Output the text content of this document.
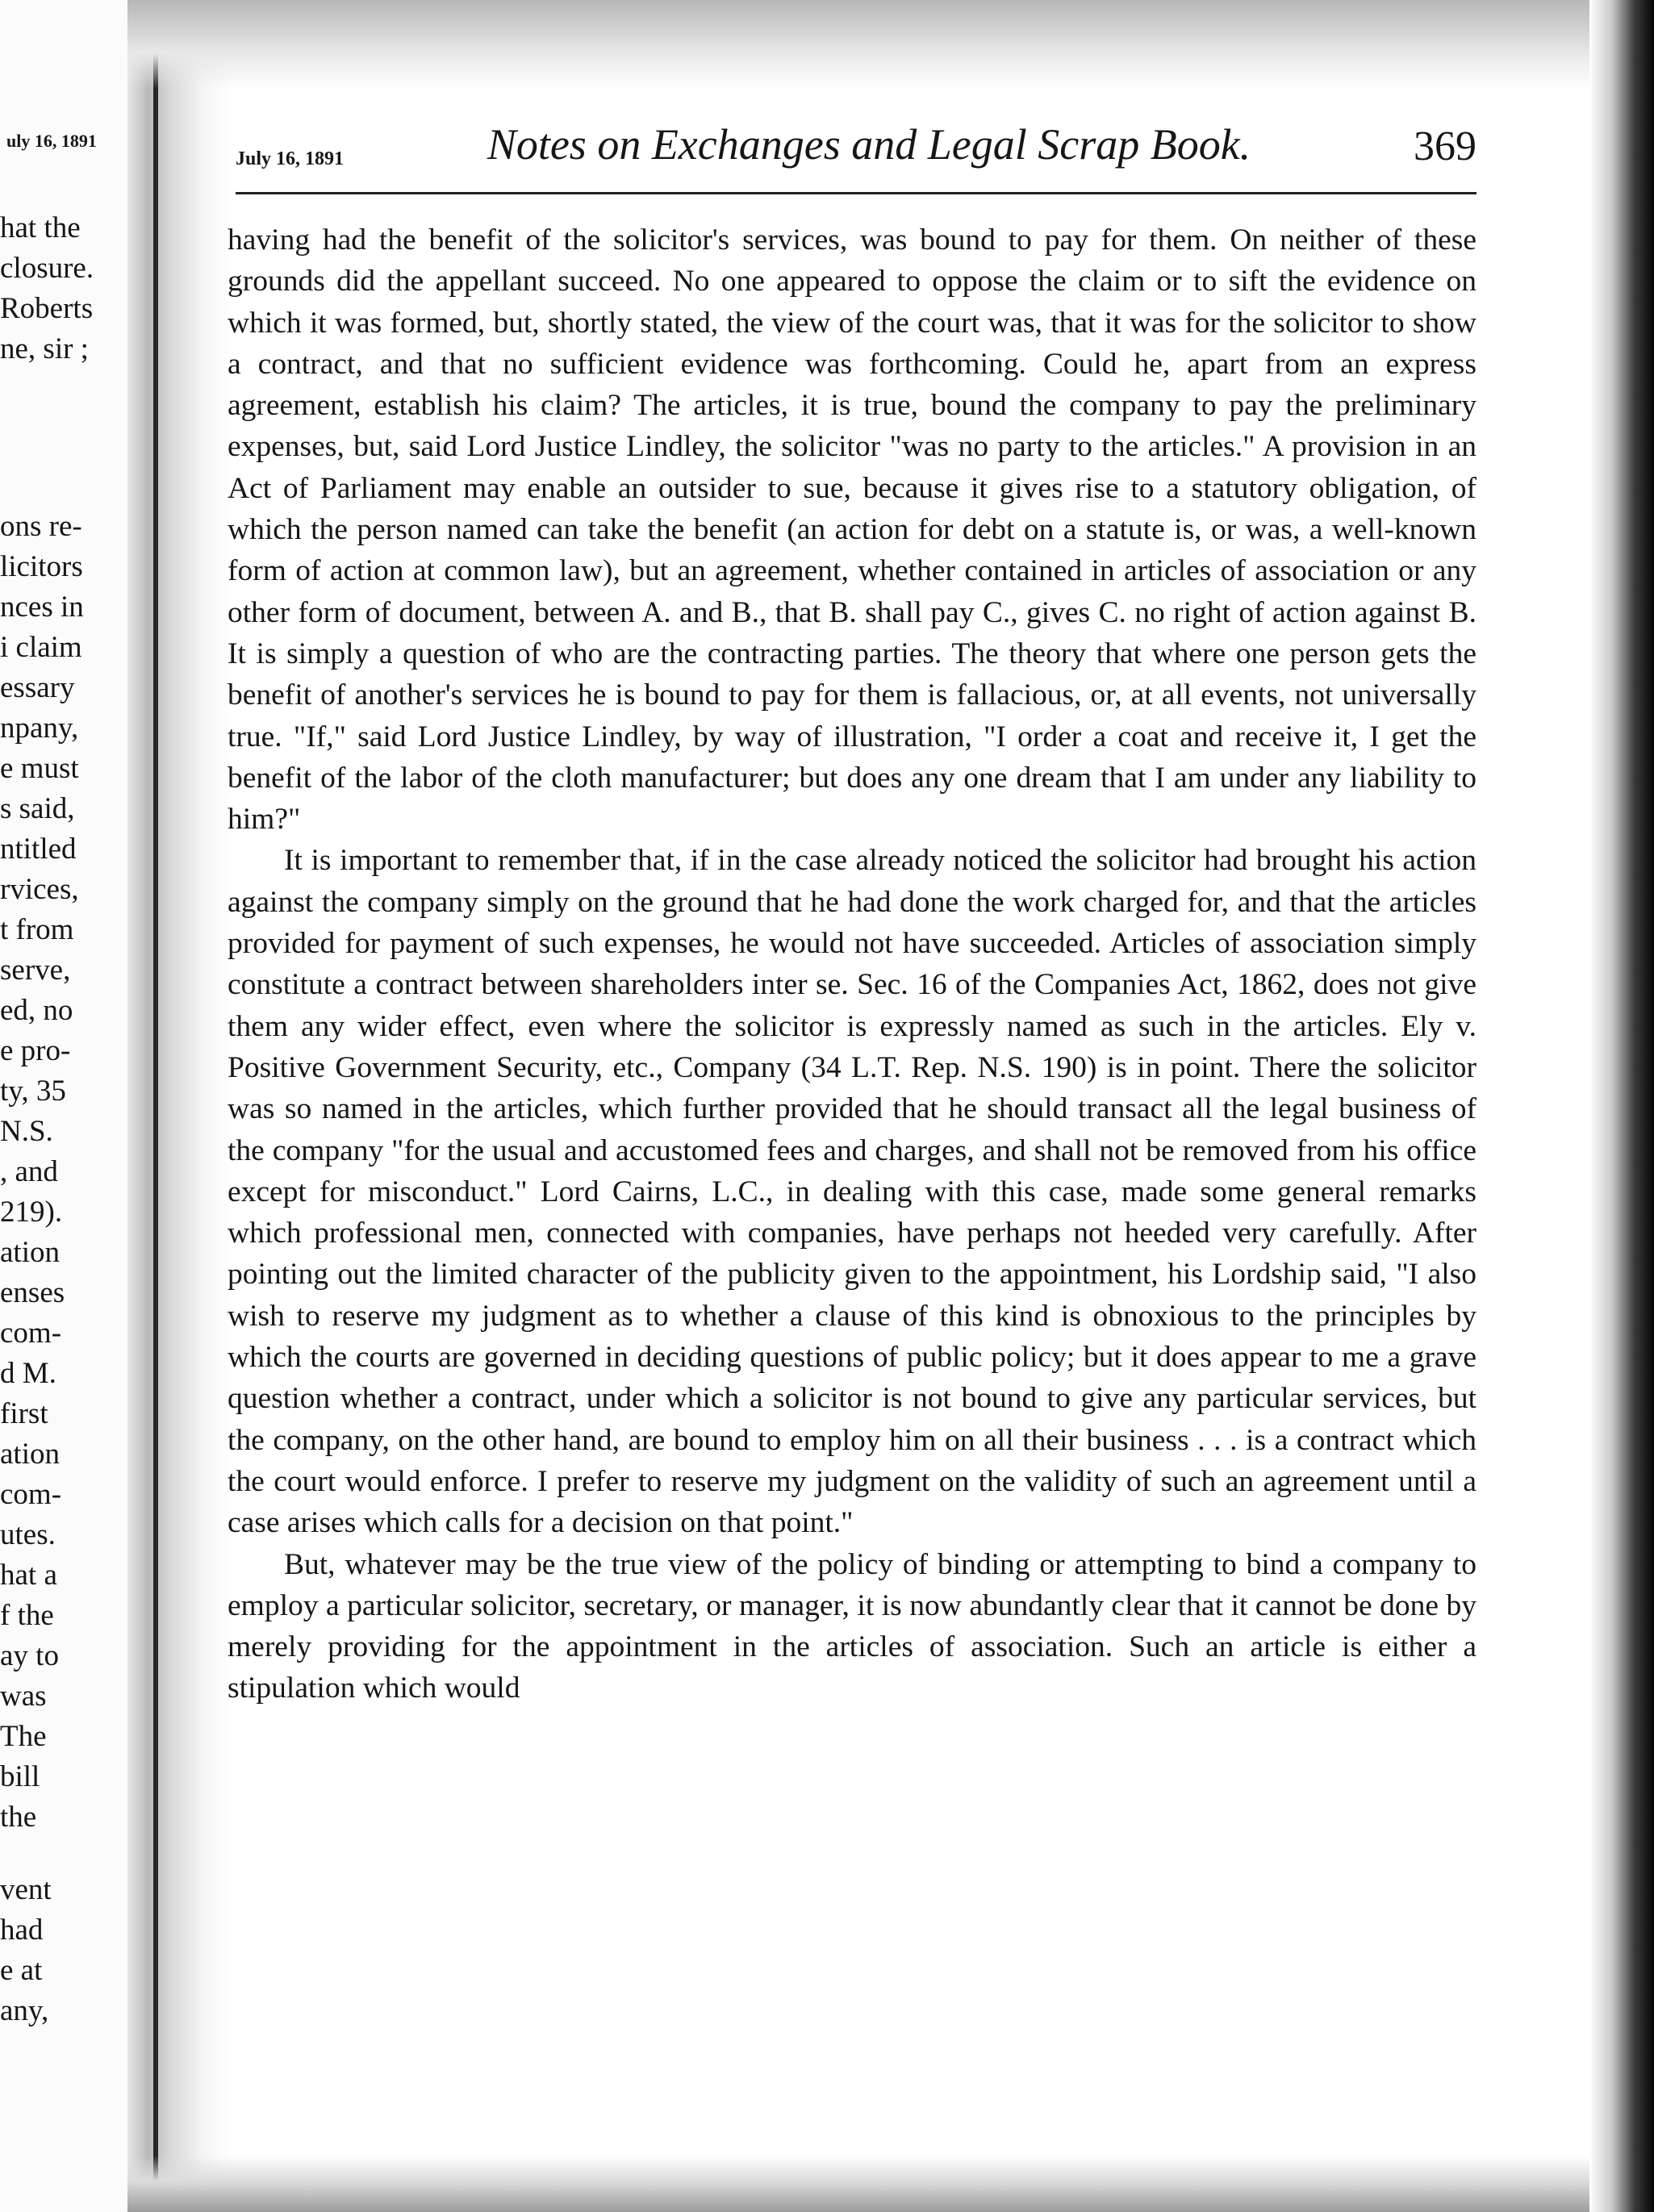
uly 16, 1891
hat the
closure.
Roberts
ne, sir ;
ons re-
licitors
nces in
i claim
essary
npany,
e must
s said,
ntitled
rvices,
t from
serve,
ed, no
e pro-
ty, 35
N.S.
, and
219).
ation
enses
com-
d M.
first
ation
com-
utes.
hat a
f the
ay to
was
The
bill
the
vent
had
e at
any,
July 16, 1891	Notes on Exchanges and Legal Scrap Book.	369

having had the benefit of the solicitor's services, was bound to pay for them. On neither of these grounds did the appellant succeed. No one appeared to oppose the claim or to sift the evidence on which it was formed, but, shortly stated, the view of the court was, that it was for the solicitor to show a contract, and that no sufficient evidence was forthcoming. Could he, apart from an express agreement, establish his claim? The articles, it is true, bound the company to pay the preliminary expenses, but, said Lord Justice Lindley, the solicitor "was no party to the articles." A provision in an Act of Parliament may enable an outsider to sue, because it gives rise to a statutory obligation, of which the person named can take the benefit (an action for debt on a statute is, or was, a well-known form of action at common law), but an agreement, whether contained in articles of association or any other form of document, between A. and B., that B. shall pay C., gives C. no right of action against B. It is simply a question of who are the contracting parties. The theory that where one person gets the benefit of another's services he is bound to pay for them is fallacious, or, at all events, not universally true. "If," said Lord Justice Lindley, by way of illustration, "I order a coat and receive it, I get the benefit of the labor of the cloth manufacturer; but does any one dream that I am under any liability to him?"

It is important to remember that, if in the case already noticed the solicitor had brought his action against the company simply on the ground that he had done the work charged for, and that the articles provided for payment of such expenses, he would not have succeeded. Articles of association simply constitute a contract between shareholders inter se. Sec. 16 of the Companies Act, 1862, does not give them any wider effect, even where the solicitor is expressly named as such in the articles. Ely v. Positive Government Security, etc., Company (34 L.T. Rep. N.S. 190) is in point. There the solicitor was so named in the articles, which further provided that he should transact all the legal business of the company "for the usual and accustomed fees and charges, and shall not be removed from his office except for misconduct." Lord Cairns, L.C., in dealing with this case, made some general remarks which professional men, connected with companies, have perhaps not heeded very carefully. After pointing out the limited character of the publicity given to the appointment, his Lordship said, "I also wish to reserve my judgment as to whether a clause of this kind is obnoxious to the principles by which the courts are governed in deciding questions of public policy; but it does appear to me a grave question whether a contract, under which a solicitor is not bound to give any particular services, but the company, on the other hand, are bound to employ him on all their business . . . is a contract which the court would enforce. I prefer to reserve my judgment on the validity of such an agreement until a case arises which calls for a decision on that point."

But, whatever may be the true view of the policy of binding or attempting to bind a company to employ a particular solicitor, secretary, or manager, it is now abundantly clear that it cannot be done by merely providing for the appointment in the articles of association. Such an article is either a stipulation which would
